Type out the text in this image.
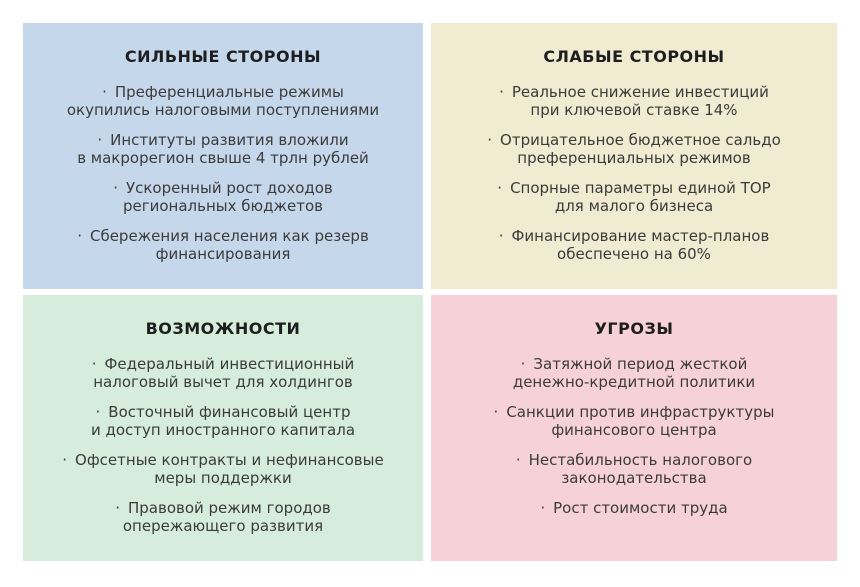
СИЛЬНЫЕ СТОРОНЫ
· Преференциальные режимы
окупились налоговыми поступлениями
· Институты развития вложили
в макрорегион свыше 4 трлн рублей
· Ускоренный рост доходов
региональных бюджетов
· Сбережения населения как резерв
финансирования
СЛАБЫЕ СТОРОНЫ
· Реальное снижение инвестиций
при ключевой ставке 14%
· Отрицательное бюджетное сальдо
преференциальных режимов
· Спорные параметры единой ТОР
для малого бизнеса
· Финансирование мастер-планов
обеспечено на 60%
ВОЗМОЖНОСТИ
· Федеральный инвестиционный
налоговый вычет для холдингов
· Восточный финансовый центр
и доступ иностранного капитала
· Офсетные контракты и нефинансовые
меры поддержки
· Правовой режим городов
опережающего развития
УГРОЗЫ
· Затяжной период жесткой
денежно-кредитной политики
· Санкции против инфраструктуры
финансового центра
· Нестабильность налогового
законодательства
· Рост стоимости труда
